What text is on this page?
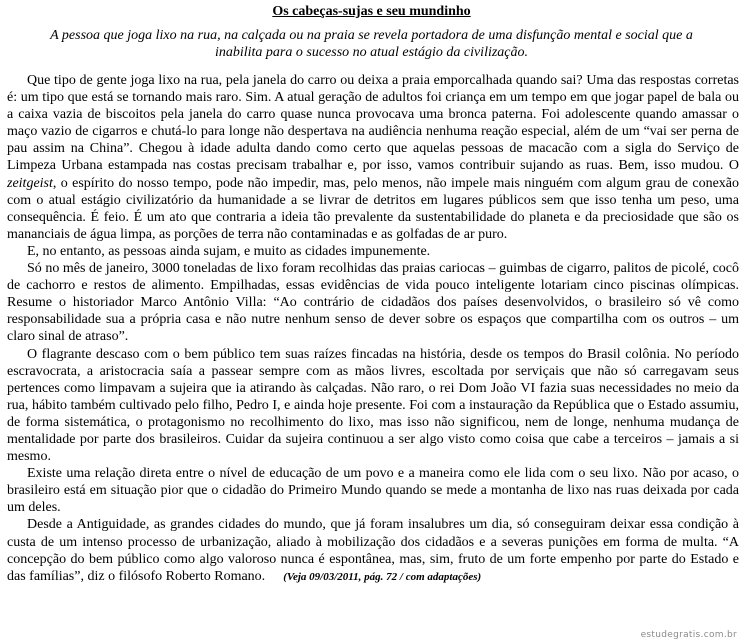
Os cabeças-sujas e seu mundinho
A pessoa que joga lixo na rua, na calçada ou na praia se revela portadora de uma disfunção mental e social que a inabilita para o sucesso no atual estágio da civilização.

Que tipo de gente joga lixo na rua, pela janela do carro ou deixa a praia emporcalhada quando sai? Uma das respostas corretas é: um tipo que está se tornando mais raro. Sim. A atual geração de adultos foi criança em um tempo em que jogar papel de bala ou a caixa vazia de biscoitos pela janela do carro quase nunca provocava uma bronca paterna. Foi adolescente quando amassar o maço vazio de cigarros e chutá-lo para longe não despertava na audiência nenhuma reação especial, além de um “vai ser perna de pau assim na China”. Chegou à idade adulta dando como certo que aquelas pessoas de macacão com a sigla do Serviço de Limpeza Urbana estampada nas costas precisam trabalhar e, por isso, vamos contribuir sujando as ruas. Bem, isso mudou. O zeitgeist, o espírito do nosso tempo, pode não impedir, mas, pelo menos, não impele mais ninguém com algum grau de conexão com o atual estágio civilizatório da humanidade a se livrar de detritos em lugares públicos sem que isso tenha um peso, uma consequência. É feio. É um ato que contraria a ideia tão prevalente da sustentabilidade do planeta e da preciosidade que são os mananciais de água limpa, as porções de terra não contaminadas e as golfadas de ar puro.

E, no entanto, as pessoas ainda sujam, e muito as cidades impunemente.

Só no mês de janeiro, 3000 toneladas de lixo foram recolhidas das praias cariocas – guimbas de cigarro, palitos de picolé, cocô de cachorro e restos de alimento. Empilhadas, essas evidências de vida pouco inteligente lotariam cinco piscinas olímpicas. Resume o historiador Marco Antônio Villa: “Ao contrário de cidadãos dos países desenvolvidos, o brasileiro só vê como responsabilidade sua a própria casa e não nutre nenhum senso de dever sobre os espaços que compartilha com os outros – um claro sinal de atraso”.

O flagrante descaso com o bem público tem suas raízes fincadas na história, desde os tempos do Brasil colônia. No período escravocrata, a aristocracia saía a passear sempre com as mãos livres, escoltada por serviçais que não só carregavam seus pertences como limpavam a sujeira que ia atirando às calçadas. Não raro, o rei Dom João VI fazia suas necessidades no meio da rua, hábito também cultivado pelo filho, Pedro I, e ainda hoje presente. Foi com a instauração da República que o Estado assumiu, de forma sistemática, o protagonismo no recolhimento do lixo, mas isso não significou, nem de longe, nenhuma mudança de mentalidade por parte dos brasileiros. Cuidar da sujeira continuou a ser algo visto como coisa que cabe a terceiros – jamais a si mesmo.

Existe uma relação direta entre o nível de educação de um povo e a maneira como ele lida com o seu lixo. Não por acaso, o brasileiro está em situação pior que o cidadão do Primeiro Mundo quando se mede a montanha de lixo nas ruas deixada por cada um deles.

Desde a Antiguidade, as grandes cidades do mundo, que já foram insalubres um dia, só conseguiram deixar essa condição à custa de um intenso processo de urbanização, aliado à mobilização dos cidadãos e a severas punições em forma de multa. “A concepção do bem público como algo valoroso nunca é espontânea, mas, sim, fruto de um forte empenho por parte do Estado e das famílias”, diz o filósofo Roberto Romano. (Veja 09/03/2011, pág. 72 / com adaptações)

estudegratis.com.br
